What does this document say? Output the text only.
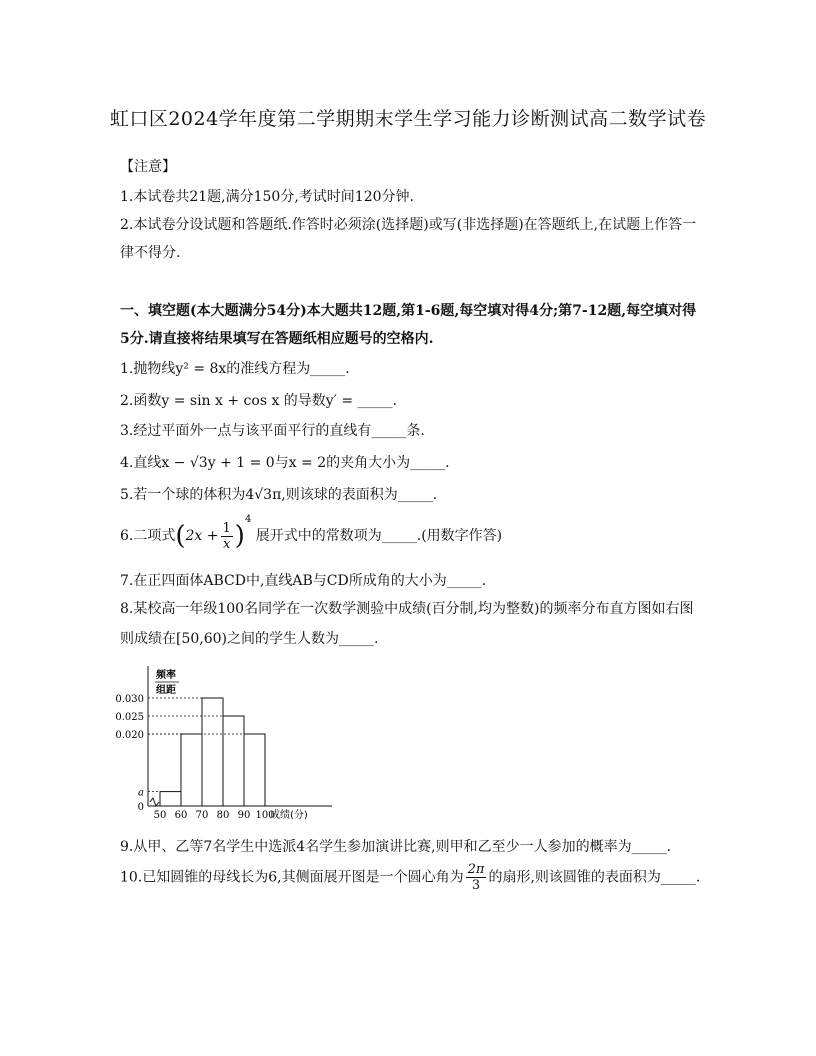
虹口区2024学年度第二学期期末学生学习能力诊断测试高二数学试卷
【注意】
1.本试卷共21题,满分150分,考试时间120分钟.
2.本试卷分设试题和答题纸.作答时必须涂(选择题)或写(非选择题)在答题纸上,在试题上作答一
律不得分.
一、填空题(本大题满分54分)本大题共12题,第1-6题,每空填对得4分;第7-12题,每空填对得
5分.请直接将结果填写在答题纸相应题号的空格内.
1.抛物线y² = 8x的准线方程为_____.
2.函数y = sin x + cos x 的导数y′ = _____.
3.经过平面外一点与该平面平行的直线有_____条.
4.直线x − √3y + 1 = 0与x = 2的夹角大小为_____.
5.若一个球的体积为4√3π,则该球的表面积为_____.
6.二项式$(2x + \frac{1}{x} )^4$ 展开式中的常数项为_____.(用数字作答)
7.在正四面体ABCD中,直线AB与CD所成角的大小为_____.
8.某校高一年级100名同学在一次数学测验中成绩(百分制,均为整数)的频率分布直方图如右图
则成绩在[50,60)之间的学生人数为_____.
0.030
0.025
0.020
a
0
50 60 70 80 90 100
频率
组距
成绩(分)
9.从甲、乙等7名学生中选派4名学生参加演讲比赛,则甲和乙至少一人参加的概率为_____.
10.已知圆锥的母线长为6,其侧面展开图是一个圆心角为 $\frac{2\pi}{3}$ 的扇形,则该圆锥的表面积为_____.
